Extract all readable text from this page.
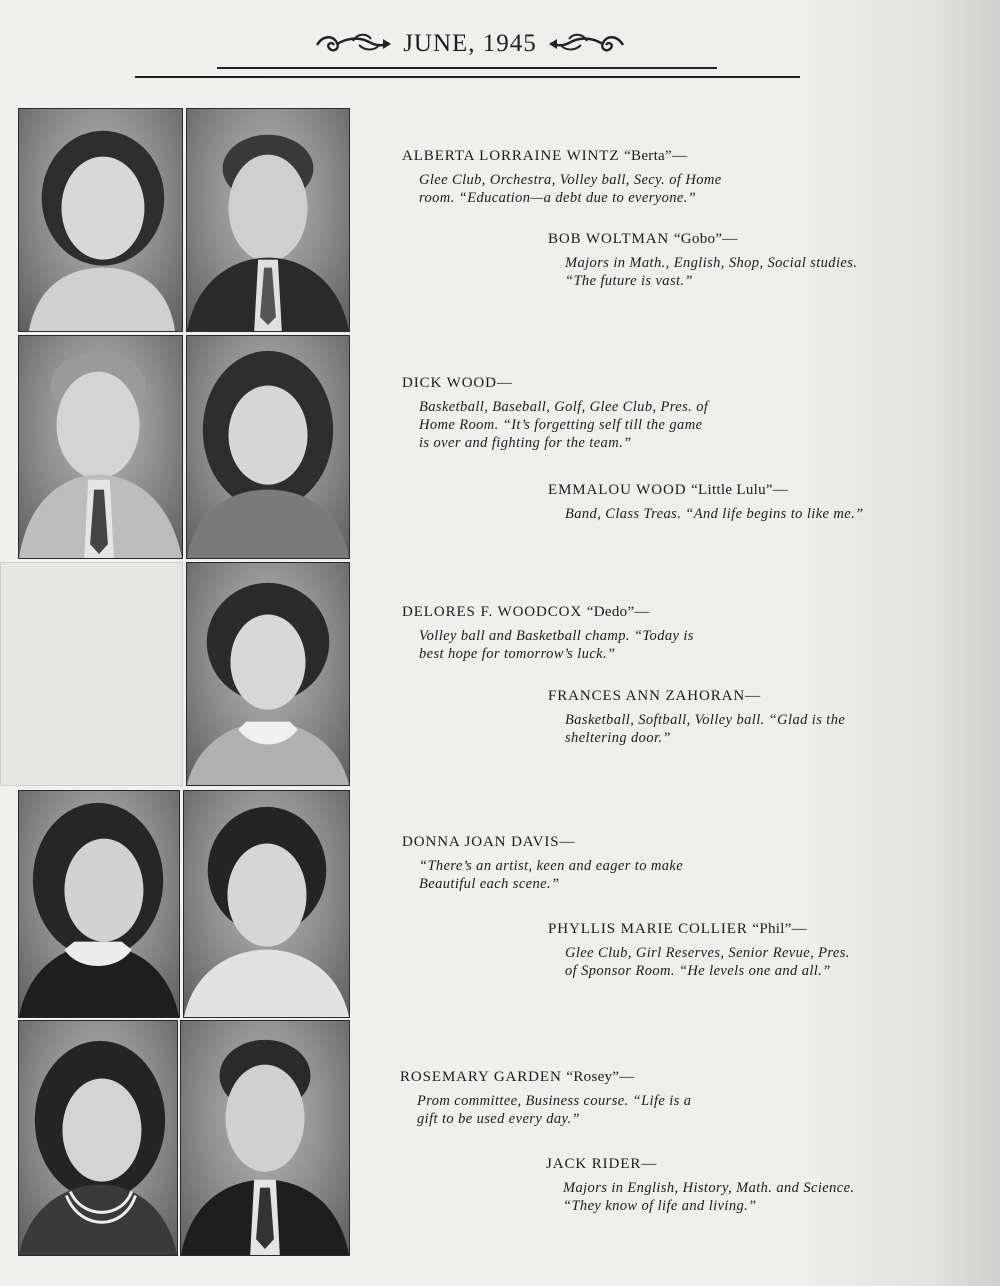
JUNE, 1945
ALBERTA LORRAINE WINTZ “Berta”—
Glee Club, Orchestra, Volley ball, Secy. of Home
room. “Education—a debt due to everyone.”
BOB WOLTMAN “Gobo”—
Majors in Math., English, Shop, Social studies.
“The future is vast.”
DICK WOOD—
Basketball, Baseball, Golf, Glee Club, Pres. of
Home Room. “It’s forgetting self till the game
is over and fighting for the team.”
EMMALOU WOOD “Little Lulu”—
Band, Class Treas. “And life begins to like me.”
DELORES F. WOODCOX “Dedo”—
Volley ball and Basketball champ. “Today is
best hope for tomorrow’s luck.”
FRANCES ANN ZAHORAN—
Basketball, Softball, Volley ball. “Glad is the
sheltering door.”
DONNA JOAN DAVIS—
“There’s an artist, keen and eager to make
Beautiful each scene.”
PHYLLIS MARIE COLLIER “Phil”—
Glee Club, Girl Reserves, Senior Revue, Pres.
of Sponsor Room. “He levels one and all.”
ROSEMARY GARDEN “Rosey”—
Prom committee, Business course. “Life is a
gift to be used every day.”
JACK RIDER—
Majors in English, History, Math. and Science.
“They know of life and living.”
